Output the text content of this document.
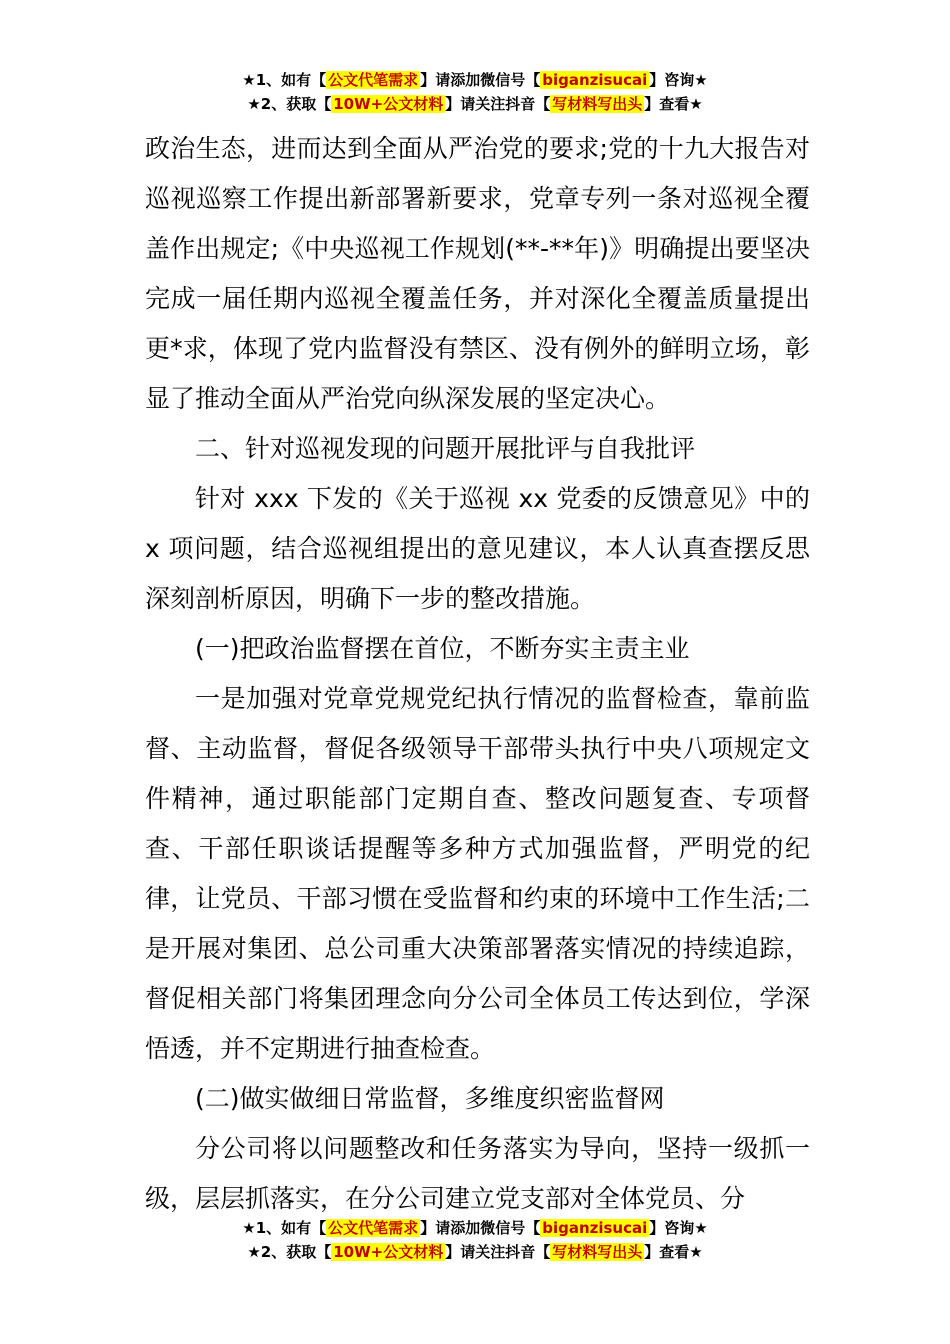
★1、如有【 公文代笔需求 】请添加微信号【 biganzisucai 】咨询★
★2、获取【 10W+公文材料 】请关注抖音【 写材料写出头 】查看★

政治生态，进而达到全面从严治党的要求;党的十九大报告对巡视巡察工作提出新部署新要求，党章专列一条对巡视全覆盖作出规定;《中央巡视工作规划(**-**年)》明确提出要坚决完成一届任期内巡视全覆盖任务，并对深化全覆盖质量提出更*求，体现了党内监督没有禁区、没有例外的鲜明立场，彰显了推动全面从严治党向纵深发展的坚定决心。

二、针对巡视发现的问题开展批评与自我批评

针对 xxx 下发的《关于巡视 xx 党委的反馈意见》中的 x 项问题，结合巡视组提出的意见建议，本人认真查摆反思深刻剖析原因，明确下一步的整改措施。

(一)把政治监督摆在首位，不断夯实主责主业

一是加强对党章党规党纪执行情况的监督检查，靠前监督、主动监督，督促各级领导干部带头执行中央八项规定文件精神，通过职能部门定期自查、整改问题复查、专项督查、干部任职谈话提醒等多种方式加强监督，严明党的纪律，让党员、干部习惯在受监督和约束的环境中工作生活;二是开展对集团、总公司重大决策部署落实情况的持续追踪，督促相关部门将集团理念向分公司全体员工传达到位，学深悟透，并不定期进行抽查检查。

(二)做实做细日常监督，多维度织密监督网

分公司将以问题整改和任务落实为导向，坚持一级抓一级，层层抓落实，在分公司建立党支部对全体党员、分

★1、如有【 公文代笔需求 】请添加微信号【 biganzisucai 】咨询★
★2、获取【 10W+公文材料 】请关注抖音【 写材料写出头 】查看★
